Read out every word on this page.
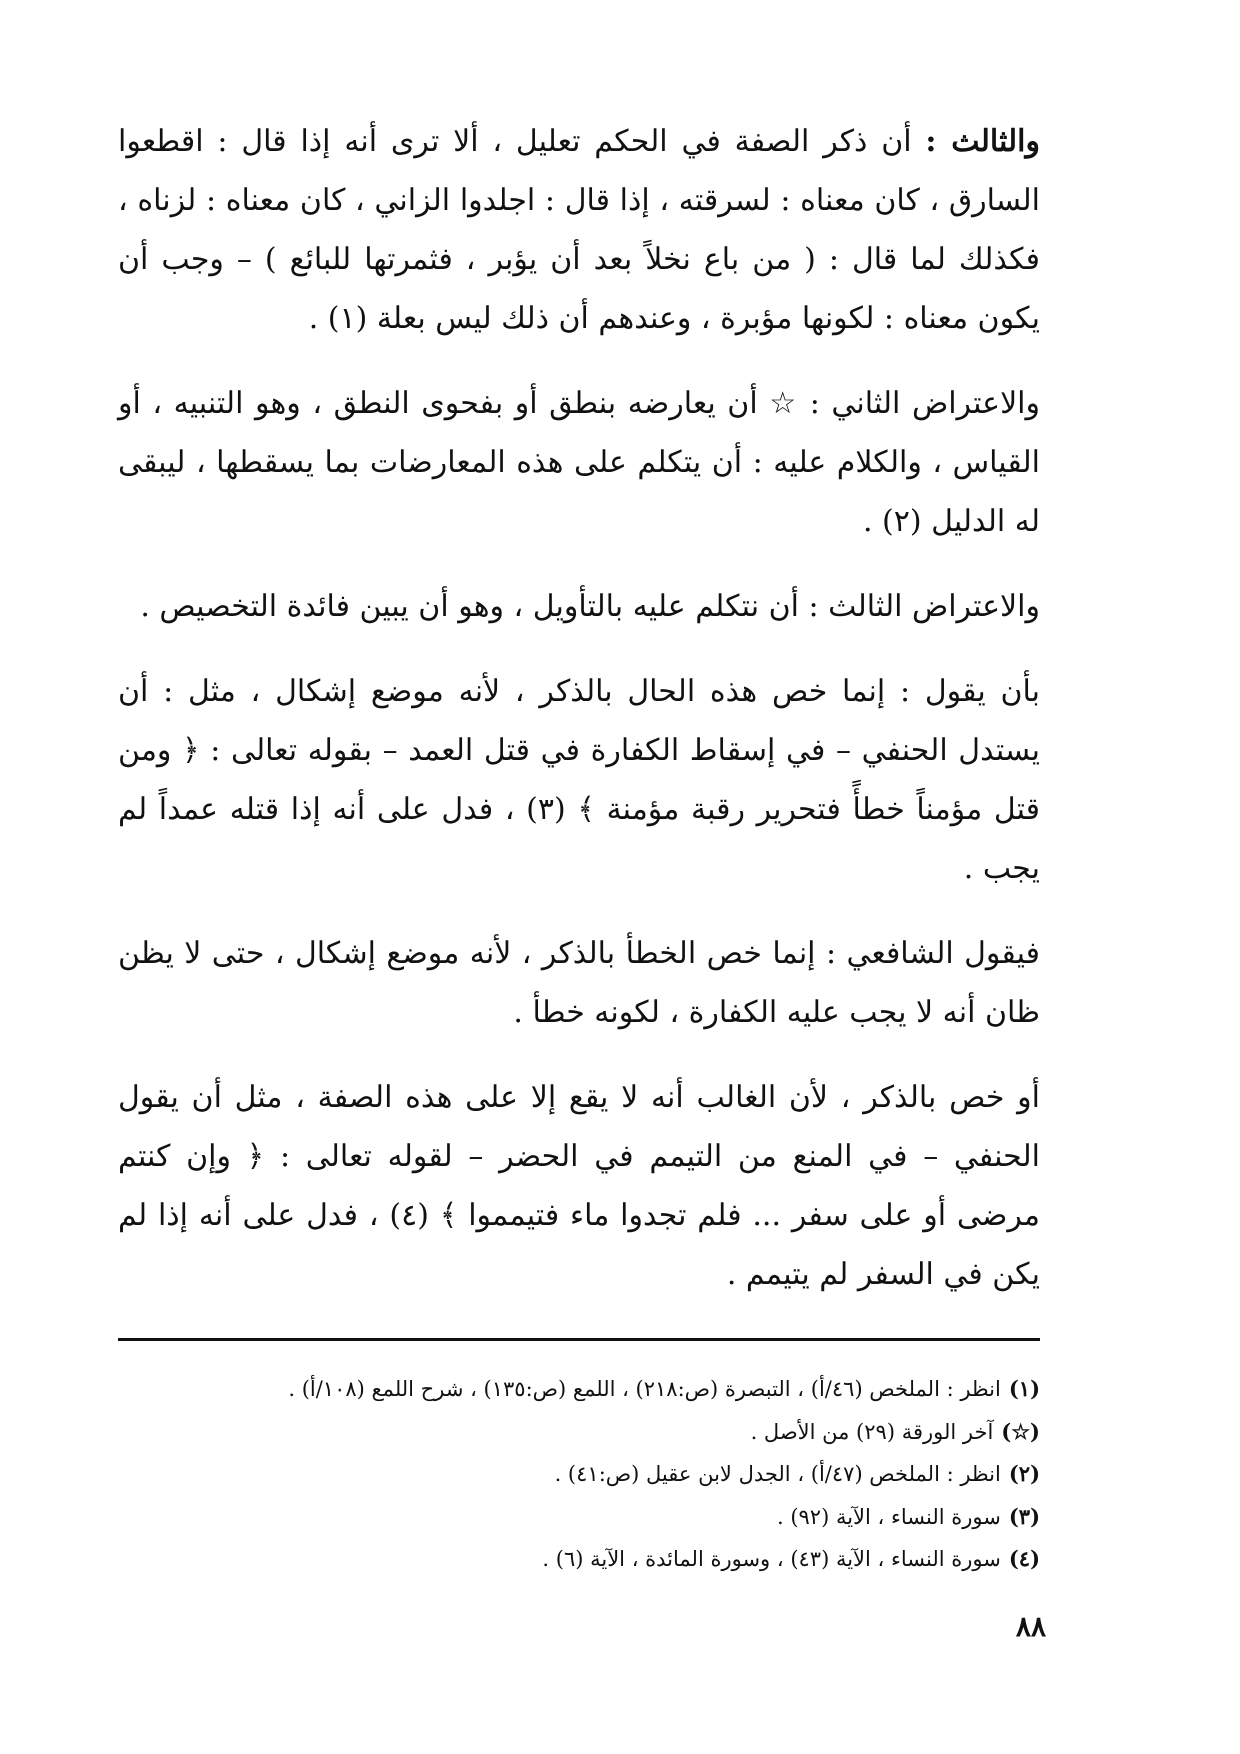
والثالث : أن ذكر الصفة في الحكم تعليل ، ألا ترى أنه إذا قال : اقطعوا السارق ، كان معناه : لسرقته ، إذا قال : اجلدوا الزاني ، كان معناه : لزناه ، فكذلك لما قال : ( من باع نخلاً بعد أن يؤبر ، فثمرتها للبائع ) – وجب أن يكون معناه : لكونها مؤبرة ، وعندهم أن ذلك ليس بعلة (١) .

والاعتراض الثاني : ☆ أن يعارضه بنطق أو بفحوى النطق ، وهو التنبيه ، أو القياس ، والكلام عليه : أن يتكلم على هذه المعارضات بما يسقطها ، ليبقى له الدليل (٢) .

والاعتراض الثالث : أن نتكلم عليه بالتأويل ، وهو أن يبين فائدة التخصيص .

بأن يقول : إنما خص هذه الحال بالذكر ، لأنه موضع إشكال ، مثل : أن يستدل الحنفي – في إسقاط الكفارة في قتل العمد – بقوله تعالى : ﴿ ومن قتل مؤمناً خطأً فتحرير رقبة مؤمنة ﴾ (٣) ، فدل على أنه إذا قتله عمداً لم يجب .

فيقول الشافعي : إنما خص الخطأ بالذكر ، لأنه موضع إشكال ، حتى لا يظن ظان أنه لا يجب عليه الكفارة ، لكونه خطأ .

أو خص بالذكر ، لأن الغالب أنه لا يقع إلا على هذه الصفة ، مثل أن يقول الحنفي – في المنع من التيمم في الحضر – لقوله تعالى : ﴿ وإن كنتم مرضى أو على سفر ... فلم تجدوا ماء فتيمموا ﴾ (٤) ، فدل على أنه إذا لم يكن في السفر لم يتيمم .

(١)انظر : الملخص (٤٦/أ) ، التبصرة (ص:٢١٨) ، اللمع (ص:١٣٥) ، شرح اللمع (١٠٨/أ) .

(☆)آخر الورقة (٢٩) من الأصل .

(٢)انظر : الملخص (٤٧/أ) ، الجدل لابن عقيل (ص:٤١) .

(٣)سورة النساء ، الآية (٩٢) .

(٤)سورة النساء ، الآية (٤٣) ، وسورة المائدة ، الآية (٦) .

٨٨
